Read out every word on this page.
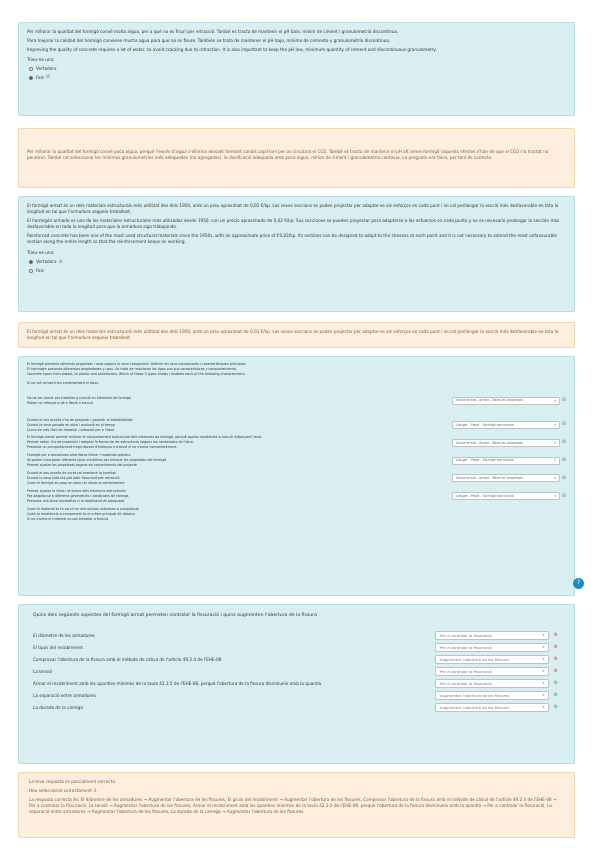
Per millorar la qualitat del formigó convé molta aigua, per a què no es fisuri per retracció. També es tracta de mantenir el pH baix, mínim de ciment i granulometria discontínua.

Para mejorar la calidad del hormigó conviene mucha agua para que no se fisure. También se trata de mantener el pH bajo, mínimo de cemento y granulometría discontinua.

Improving the quality of concrete requires a lot of water, to avoid cracking due to retraction. It is also important to keep the pH low, minimum quantity of cement and discontinuous granulometry.

Trieu-ne una:

Vertadero
Fals ⊘

Per millorar la qualitat del formigó convé poca aigua, perquè l'excés d'aigua s'elimina deixant formant canals capil·lars per on circularà el CO2. També es tracta de mantenir el pH alt sense formigó (aquests efectes s'han de que el CO2 s'a tractat no penetre). També cal seleccionar les mínimes granulometries més adequades (no agregades), la dosificació adequada amb poca aigua, mínim de ciment i granulometria contínua. La pregunta era falsa, per tant és correcte.

El formigó armat és un dels materials estructurals més utilitzat des dels 1950, amb un preu aproximat de 0,02 €/kp. Les seves seccions es poden projectar per adaptar-se als esforços en cada punt i no cal perllongar la secció més desfavorable en tota la longitud en tal que l'armadura segueix treballant.

El hormigón armado es uno de los materiales estructurales más utilizados desde 1950, con un precio aproximado de 0,02 €/kp. Sus secciones se pueden proyectar para adaptarse a los esfuerzos en cada punto y no es necesario prolongar la sección más desfavorable en toda la longitud para que la armadura siga trabajando.

Reinforced concrete has been one of the most used structural materials since the 1950s, with an approximate price of €0.02/kp. Its sections can be designed to adapt to the stresses at each point and it is not necessary to extend the most unfavourable section along the entire length so that the reinforcement keeps on working.

Trieu-ne una:

Vertadero ⊘
Fals

El formigó armat és un dels materials estructurals més utilitzat des dels 1950, amb un preu aproximat de 0,02 €/kp. Les seves seccions es poden projectar per adaptar-se als esforços en cada punt i no cal perllongar la secció més desfavorable en tota la longitud en tal que l'armadura segueix treballant.

El formigó presenta diferents propietats i usos segons la seva composició. Definim els seus components i característiques principals.
El hormigón presenta diferentes propiedades y usos. Se trata de relacionar los tipos con sus características y comportamiento.
Concrete types from lowest, to plastic and satisfactory. Which of these 3 types shows / enables each of the following characteristics.
Si no vull armat trieu correctament el tipus.
Ha de ser armat per treballar a tracció en elements de formigó
Potser no reforçat o bé a flexió a tracció
Sense armat - Armat - Totes les propietats	▾ ⊘
Durant el seu procés s'ha de preparar i garantir la treballabilitat
Durant la seva posada en obra i evolució en el temps
Quina és més fàcil de treballar i adequat per a l'obra
Lleuger - Pesat - Formigó estructural	▾ ⊘
El formigó armat permet millorar el comportament estructural dels elements de formigó, perquè aporta resistència a tracció mitjançant l'acer.
Permet reduir l'ús de materials i adaptar la forma de les estructures segons les necessitats de l'obra.
Presenta un comportament fràgil davant d'esforços a tracció si no s'arma convenientment.
Sense armat - Armat - Totes les propietats	▾ ⊘
Formigó per a armadures amb fibres d'acer i materials plàstics
Se poden incorporar diferents tipus d'additius per millorar les propietats del formigó
Permet ajustar les propietats segons els requeriments del projecte
Lleuger - Pesat - Formigó estructural	▾ ⊘
Durant el seu procés de curat cal mantenir la humitat
Durant la seva vida útil pot patir fissuració per retracció
Quan el formigó es posa en obra cal vibrar-lo correctament
Sense armat - Armat - Totes les propietats	▾ ⊘
Permet ajustar la mida i la forma dels elements estructurals
Pot adaptar-se a diferents geometries i condicions de càrrega
Presenta una bona durabilitat si la dosificació és adequada
Lleuger - Pesat - Formigó estructural	▾ ⊘
Quan el material es fa servir en estructures sotmeses a compressió
Quan la resistència a compressió és el criteri principal de disseny
Si no s'arma el material no pot treballar a tracció
?

Quins dels següents aspectes del formigó armat permeten controlar la fissuració i quins augmenten l'obertura de la fissura

El diàmetre de les armadures	Per a controlar la fissuració	▾	⊗
El tipus del recobriment	Per a controlar la fissuració	▾	⊗
Comprovar l'obertura de la fissura amb el mètode de càlcul de l'article 49.2.4 de l'EHE-08	Augmentar l'obertura de les fissures	▾	⊗
La tensió	Per a controlar la fissuració	▾	⊗
Armar el recobriment amb les quanties mínimes de la taula 42.3.5 de l'EHE-08, perquè l'obertura de la fissura disminueix amb la quantia.	Per a controlar la fissuració	▾	⊘
La separació entre armadures	Augmentar l'obertura de les fissures	▾	⊘
La durada de la càrrega	Augmentar l'obertura de les fissures	▾	⊘

La teva resposta és parcialment correcta.

Heu seleccionat correctament 3.

La resposta correcta és: El diàmetre de les armadures → Augmentar l'obertura de les fissures, El gruix del recobriment → Augmentar l'obertura de les fissures, Comprovar l'obertura de la fissura amb el mètode de càlcul de l'article 49.2.4 de l'EHE-08 → Per a controlar la fissuració, La tensió → Augmentar l'obertura de les fissures, Armar el recobriment amb les quanties mínimes de la taula 42.3.5 de l'EHE-08, perquè l'obertura de la fissura disminueix amb la quantia → Per a controlar la fissuració, La separació entre armadures → Augmentar l'obertura de les fissures, La durada de la càrrega → Augmentar l'obertura de les fissures.
